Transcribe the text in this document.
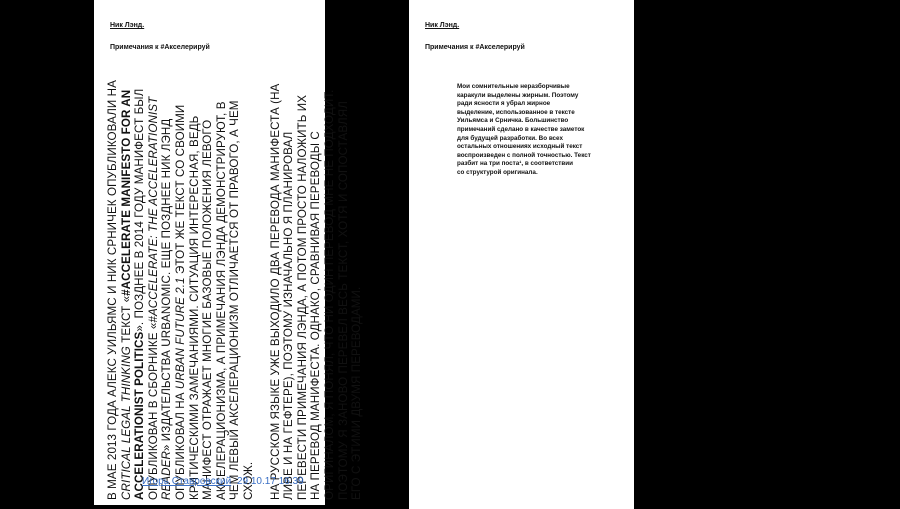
Ник Лэнд.
Примечания к #Акселерируй

В МАЕ 2013 ГОДА АЛЕКС УИЛЬЯМС И НИК СРНИЧЕК ОПУБЛИКОВАЛИ НА CRITICAL LEGAL THINKING ТЕКСТ «#ACCELERATE MANIFESTO FOR AN ACCELERATIONIST POLITICS». ПОЗДНЕЕ В 2014 ГОДУ МАНИФЕСТ БЫЛ ОПУБЛИКОВАН В СБОРНИКЕ «#ACCELERATE: THE ACCELERATIONIST READER» ИЗДАТЕЛЬСТВА URBANOMIC. ЕЩЕ ПОЗДНЕЕ НИК ЛЭНД ОПУБЛИКОВАЛ НА URBAN FUTURE 2.1 ЭТОТ ЖЕ ТЕКСТ СО СВОИМИ КРИТИЧЕСКИМИ ЗАМЕЧАНИЯМИ. СИТУАЦИЯ ИНТЕРЕСНАЯ, ВЕДЬ МАНИФЕСТ ОТРАЖАЕТ МНОГИЕ БАЗОВЫЕ ПОЛОЖЕНИЯ ЛЕВОГО АКСЕЛЕРАЦИОНИЗМА, А ПРИМЕЧАНИЯ ЛЭНДА ДЕМОНСТРИРУЮТ, В ЧЕМ ЛЕВЫЙ АКСЕЛЕРАЦИОНИЗМ ОТЛИЧАЕТСЯ ОТ ПРАВОГО, А ЧЕМ СХОЖ. НА РУССКОМ ЯЗЫКЕ УЖЕ ВЫХОДИЛО ДВА ПЕРЕВОДА МАНИФЕСТА (НА ЛИВЕ И НА ГЕФТЕРЕ), ПОЭТОМУ ИЗНАЧАЛЬНО Я ПЛАНИРОВАЛ ПЕРЕВЕСТИ ПРИМЕЧАНИЯ ЛЭНДА, А ПОТОМ ПРОСТО НАЛОЖИТЬ ИХ НА ПЕРЕВОД МАНИФЕСТА. ОДНАКО, СРАВНИВАЯ ПЕРЕВОДЫ С ОРИГИНАЛОМ, Я ПОНЯЛ, ЧТО НИ ОДИН ПЕРЕВОД МНЕ НЕ ПОДХОДИТ. ПОЭТОМУ Я ЗАНОВО ПЕРЕВЕЛ ВЕСЬ ТЕКСТ, ХОТЯ И СОПОСТАВЛЯЛ ЕГО С ЭТИМИ ДВУМЯ ПЕРЕВОДАМИ.

Игорь Ставровский 29.10.17 16:39
Ник Лэнд.
Примечания к #Акселерируй

Мои сомнительные неразборчивые

каракули выделены жирным. Поэтому

ради ясности я убрал жирное

выделение, использованное в тексте

Уильямса и Срничка. Большинство

примечаний сделано в качестве заметок

для будущей разработки. Во всех

остальных отношениях исходный текст

воспроизведен с полной точностью. Текст

разбит на три поста¹, в соответствии

со структурой оригинала.
